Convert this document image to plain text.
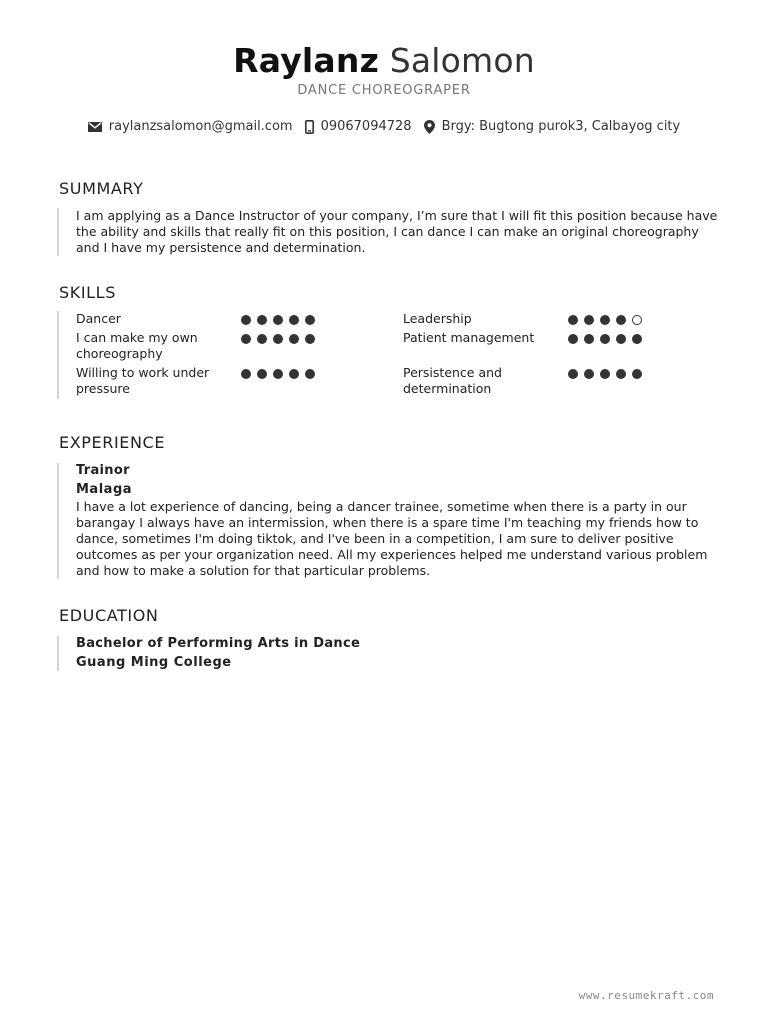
Raylanz Salomon
DANCE CHOREOGRAPER
raylanzsalomon@gmail.com 09067094728 Brgy: Bugtong purok3, Calbayog city
SUMMARY

I am applying as a Dance Instructor of your company, I’m sure that I will fit this position because have the ability and skills that really fit on this position, I can dance I can make an original choreography and I have my persistence and determination.

SKILLS
Dancer	Leadership
I can make my own choreography
Patient management
Willing to work under pressure
Persistence and determination
EXPERIENCE
Trainor
Malaga

I have a lot experience of dancing, being a dancer trainee, sometime when there is a party in our barangay I always have an intermission, when there is a spare time I'm teaching my friends how to dance, sometimes I'm doing tiktok, and I've been in a competition, I am sure to deliver positive outcomes as per your organization need. All my experiences helped me understand various problem and how to make a solution for that particular problems.

EDUCATION
Bachelor of Performing Arts in Dance
Guang Ming College
www.resumekraft.com
